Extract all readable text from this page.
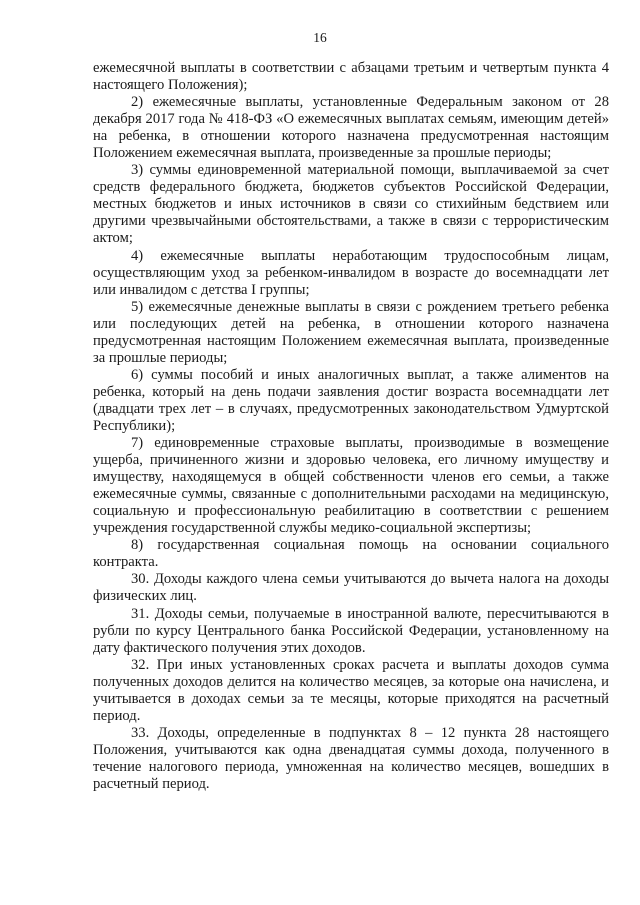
16

ежемесячной выплаты в соответствии с абзацами третьим и четвертым пункта 4 настоящего Положения);

2) ежемесячные выплаты, установленные Федеральным законом от 28 декабря 2017 года № 418-ФЗ «О ежемесячных выплатах семьям, имеющим детей» на ребенка, в отношении которого назначена предусмотренная настоящим Положением ежемесячная выплата, произведенные за прошлые периоды;

3) суммы единовременной материальной помощи, выплачиваемой за счет средств федерального бюджета, бюджетов субъектов Российской Федерации, местных бюджетов и иных источников в связи со стихийным бедствием или другими чрезвычайными обстоятельствами, а также в связи с террористическим актом;

4) ежемесячные выплаты неработающим трудоспособным лицам, осуществляющим уход за ребенком-инвалидом в возрасте до восемнадцати лет или инвалидом с детства I группы;

5) ежемесячные денежные выплаты в связи с рождением третьего ребенка или последующих детей на ребенка, в отношении которого назначена предусмотренная настоящим Положением ежемесячная выплата, произведенные за прошлые периоды;

6) суммы пособий и иных аналогичных выплат, а также алиментов на ребенка, который на день подачи заявления достиг возраста восемнадцати лет (двадцати трех лет – в случаях, предусмотренных законодательством Удмуртской Республики);

7) единовременные страховые выплаты, производимые в возмещение ущерба, причиненного жизни и здоровью человека, его личному имуществу и имуществу, находящемуся в общей собственности членов его семьи, а также ежемесячные суммы, связанные с дополнительными расходами на медицинскую, социальную и профессиональную реабилитацию в соответствии с решением учреждения государственной службы медико-социальной экспертизы;

8) государственная социальная помощь на основании социального контракта.

30. Доходы каждого члена семьи учитываются до вычета налога на доходы физических лиц.

31. Доходы семьи, получаемые в иностранной валюте, пересчитываются в рубли по курсу Центрального банка Российской Федерации, установленному на дату фактического получения этих доходов.

32. При иных установленных сроках расчета и выплаты доходов сумма полученных доходов делится на количество месяцев, за которые она начислена, и учитывается в доходах семьи за те месяцы, которые приходятся на расчетный период.

33. Доходы, определенные в подпунктах 8 – 12 пункта 28 настоящего Положения, учитываются как одна двенадцатая суммы дохода, полученного в течение налогового периода, умноженная на количество месяцев, вошедших в расчетный период.
